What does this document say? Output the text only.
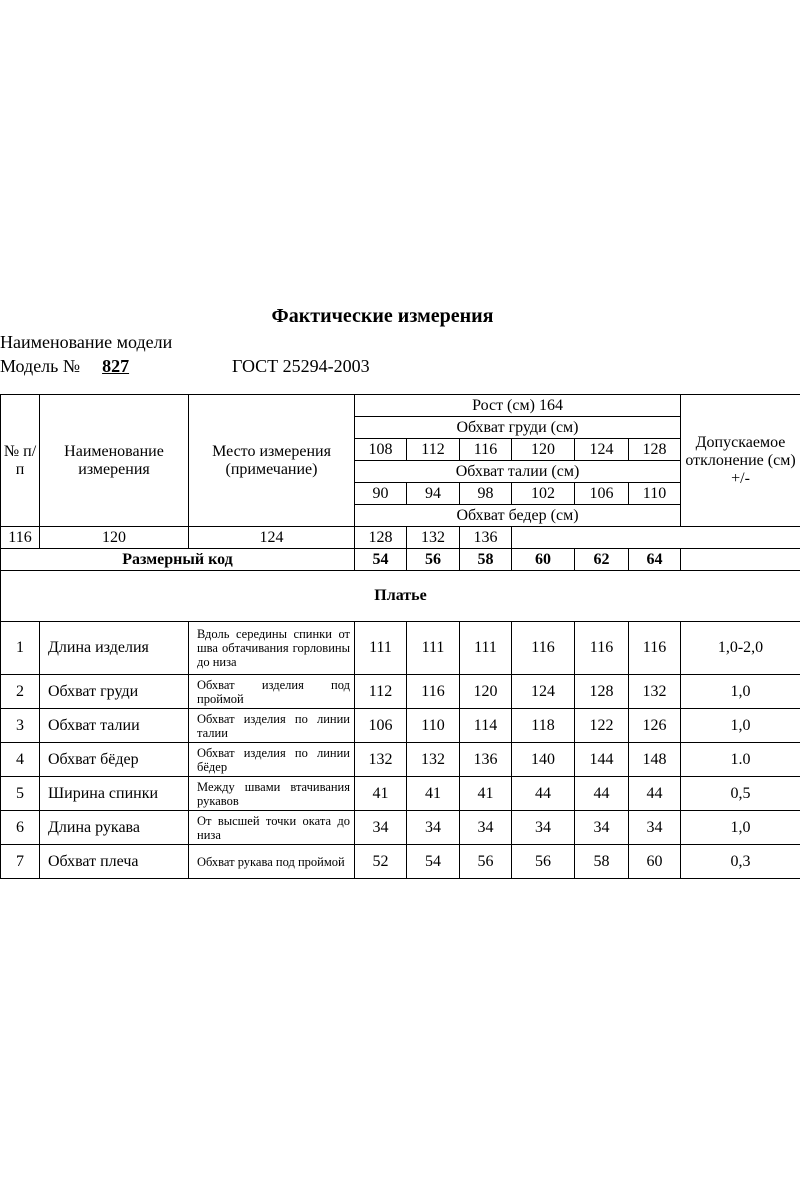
Фактические измерения
Наименование модели
Модель № 827	ГОСТ 25294-2003
№ п/п	Наименование измерения	Место измерения (примечание)	Рост (см) 164						Допускаемое отклонение (см) +/-
			Обхват груди (см)						
			108	112	116	120	124	128	
			Обхват талии (см)						
			90	94	98	102	106	110	
			Обхват бедер (см)						
116	120	124	128	132	136				
Размерный код			54	56	58	60	62	64	
Платье									
1	Длина изделия	Вдоль середины спинки от шва обтачивания горловины до низа	111	111	111	116	116	116	1,0-2,0
2	Обхват груди	Обхват изделия под проймой	112	116	120	124	128	132	1,0
3	Обхват талии	Обхват изделия по линии талии	106	110	114	118	122	126	1,0
4	Обхват бёдер	Обхват изделия по линии бёдер	132	132	136	140	144	148	1.0
5	Ширина спинки	Между швами втачивания рукавов	41	41	41	44	44	44	0,5
6	Длина рукава	От высшей точки оката до низа	34	34	34	34	34	34	1,0
7	Обхват плеча	Обхват рукава под проймой	52	54	56	56	58	60	0,3
